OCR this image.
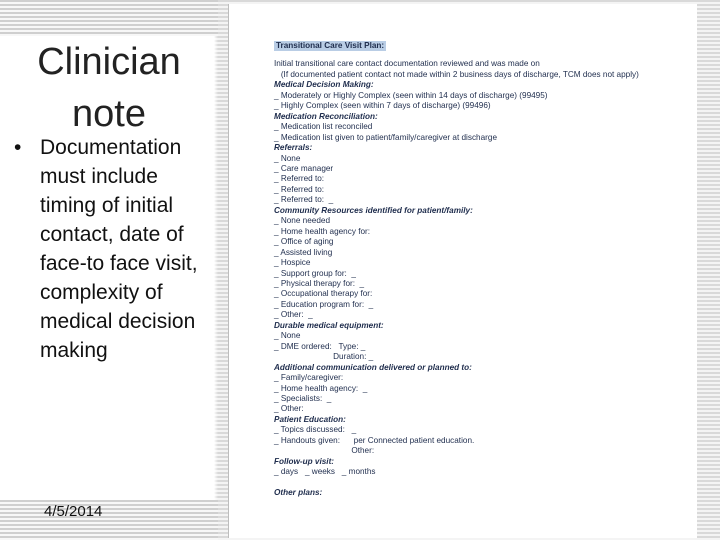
Clinician
note
• Documentation must include timing of initial contact, date of face-to face visit, complexity of medical decision making
4/5/2014
Transitional Care Visit Plan:
Initial transitional care contact documentation reviewed and was made on
(If documented patient contact not made within 2 business days of discharge, TCM does not apply)
Medical Decision Making:
_ Moderately or Highly Complex (seen within 14 days of discharge) (99495)
_ Highly Complex (seen within 7 days of discharge) (99496)
Medication Reconciliation:
_ Medication list reconciled
_ Medication list given to patient/family/caregiver at discharge
Referrals:
_ None
_ Care manager
_ Referred to:
_ Referred to:
_ Referred to:  _
Community Resources identified for patient/family:
_ None needed
_ Home health agency for:
_ Office of aging
_ Assisted living
_ Hospice
_ Support group for:  _
_ Physical therapy for:  _
_ Occupational therapy for:
_ Education program for:  _
_ Other:  _
Durable medical equipment:
_ None
_ DME ordered:   Type: _
Duration: _
Additional communication delivered or planned to:
_ Family/caregiver:
_ Home health agency:  _
_ Specialists:  _
_ Other:
Patient Education:
_ Topics discussed:   _
_ Handouts given:      per Connected patient education.
Other:
Follow-up visit:
_ days   _ weeks   _ months
Other plans:
